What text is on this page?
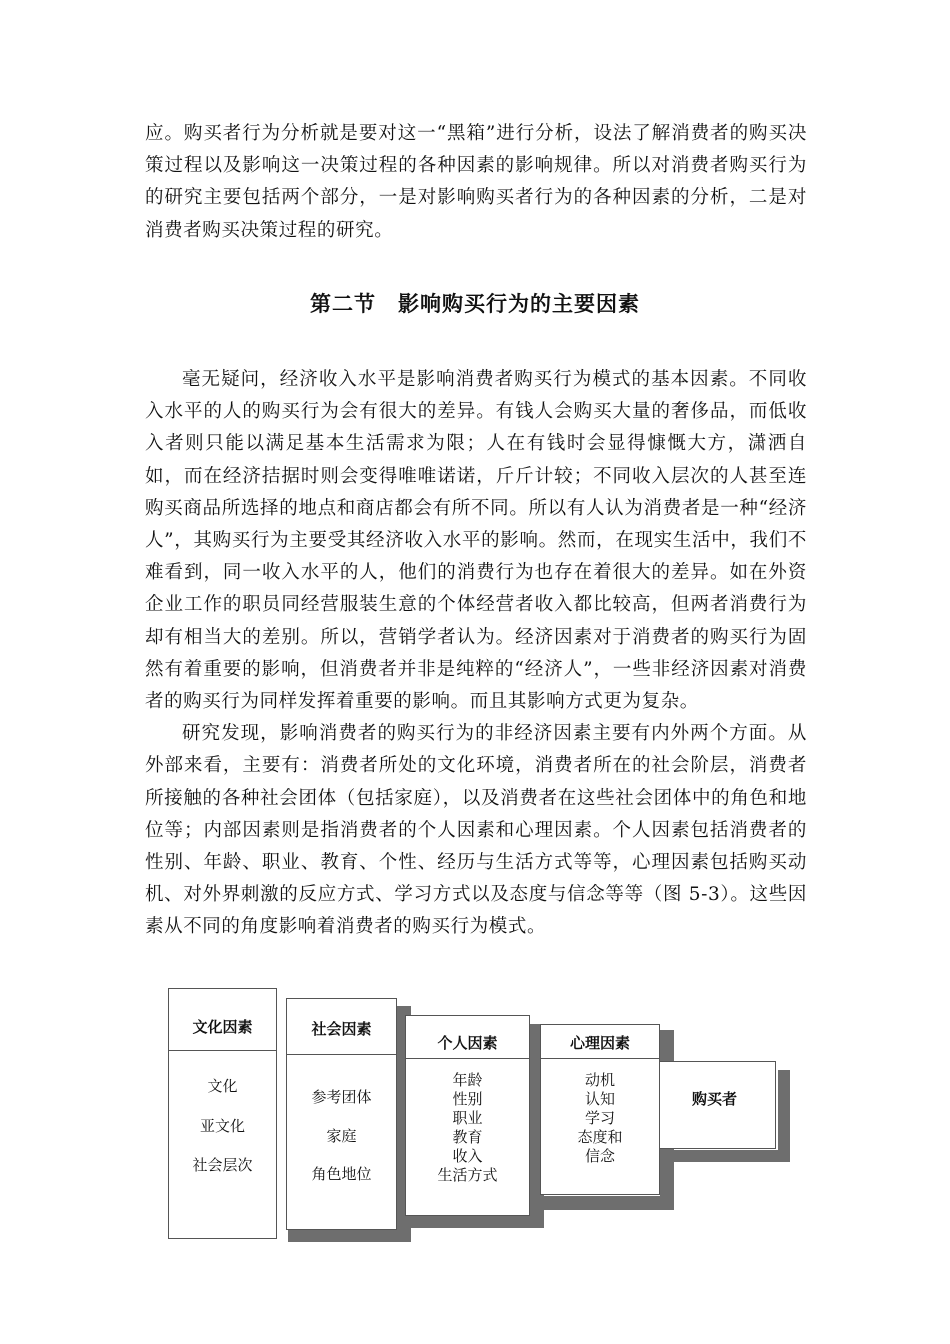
应。购买者行为分析就是要对这一“黑箱”进行分析，设法了解消费者的购买决策过程以及影响这一决策过程的各种因素的影响规律。所以对消费者购买行为的研究主要包括两个部分，一是对影响购买者行为的各种因素的分析，二是对消费者购买决策过程的研究。

第二节　影响购买行为的主要因素

毫无疑问，经济收入水平是影响消费者购买行为模式的基本因素。不同收入水平的人的购买行为会有很大的差异。有钱人会购买大量的奢侈品，而低收入者则只能以满足基本生活需求为限；人在有钱时会显得慷慨大方，潇洒自如，而在经济拮据时则会变得唯唯诺诺，斤斤计较；不同收入层次的人甚至连购买商品所选择的地点和商店都会有所不同。所以有人认为消费者是一种“经济人”，其购买行为主要受其经济收入水平的影响。然而，在现实生活中，我们不难看到，同一收入水平的人，他们的消费行为也存在着很大的差异。如在外资企业工作的职员同经营服装生意的个体经营者收入都比较高，但两者消费行为却有相当大的差别。所以，营销学者认为。经济因素对于消费者的购买行为固然有着重要的影响，但消费者并非是纯粹的“经济人”，一些非经济因素对消费者的购买行为同样发挥着重要的影响。而且其影响方式更为复杂。

研究发现，影响消费者的购买行为的非经济因素主要有内外两个方面。从外部来看，主要有：消费者所处的文化环境，消费者所在的社会阶层，消费者所接触的各种社会团体（包括家庭），以及消费者在这些社会团体中的角色和地位等；内部因素则是指消费者的个人因素和心理因素。个人因素包括消费者的性别、年龄、职业、教育、个性、经历与生活方式等等，心理因素包括购买动机、对外界刺激的反应方式、学习方式以及态度与信念等等（图 5-3）。这些因素从不同的角度影响着消费者的购买行为模式。

购买者
心理因素
动机
认知
学习
态度和
信念
个人因素
年龄
性别
职业
教育
收入
生活方式
社会因素
参考团体
家庭
角色地位
文化因素
文化
亚文化
社会层次
